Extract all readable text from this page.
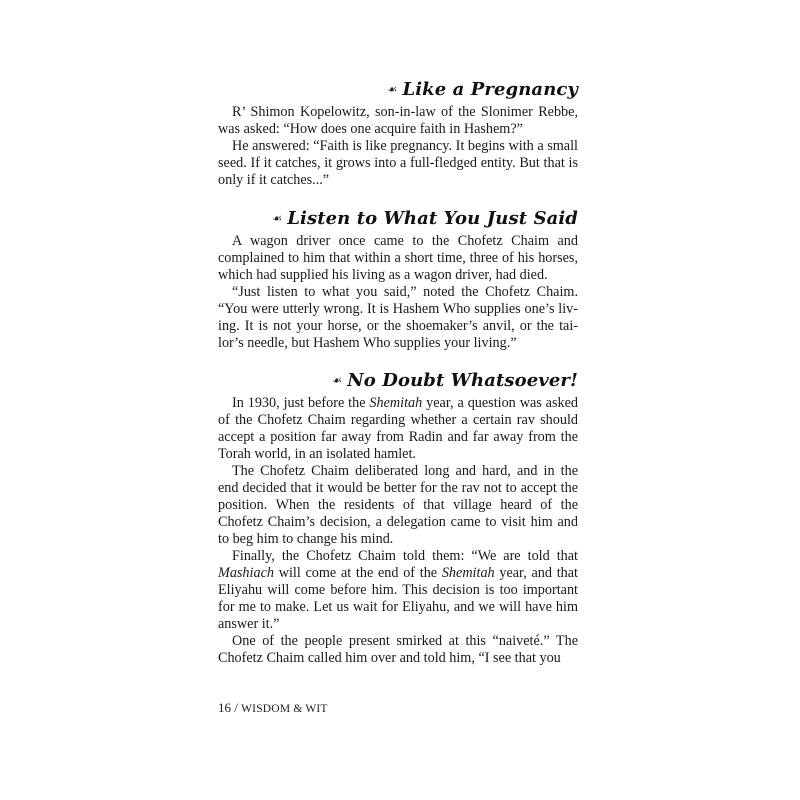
☙ Like a Pregnancy

R’ Shimon Kopelowitz, son-in-law of the Slonimer Rebbe, was asked: “How does one acquire faith in Hashem?”

He answered: “Faith is like pregnancy. It begins with a small seed. If it catches, it grows into a full-fledged entity. But that is only if it catches...”

☙ Listen to What You Just Said

A wagon driver once came to the Chofetz Chaim and complained to him that within a short time, three of his horses, which had supplied his living as a wagon driver, had died.

“Just listen to what you said,” noted the Chofetz Chaim. “You were utterly wrong. It is Hashem Who supplies one’s living. It is not your horse, or the shoemaker’s anvil, or the tailor’s needle, but Hashem Who supplies your living.”

☙ No Doubt Whatsoever!

In 1930, just before the Shemitah year, a question was asked of the Chofetz Chaim regarding whether a certain rav should accept a position far away from Radin and far away from the Torah world, in an isolated hamlet.

The Chofetz Chaim deliberated long and hard, and in the end decided that it would be better for the rav not to accept the position. When the residents of that village heard of the Chofetz Chaim’s decision, a delegation came to visit him and to beg him to change his mind.

Finally, the Chofetz Chaim told them: “We are told that Mashiach will come at the end of the Shemitah year, and that Eliyahu will come before him. This decision is too important for me to make. Let us wait for Eliyahu, and we will have him answer it.”

One of the people present smirked at this “naiveté.” The Chofetz Chaim called him over and told him, “I see that you

16 / WISDOM & WIT
